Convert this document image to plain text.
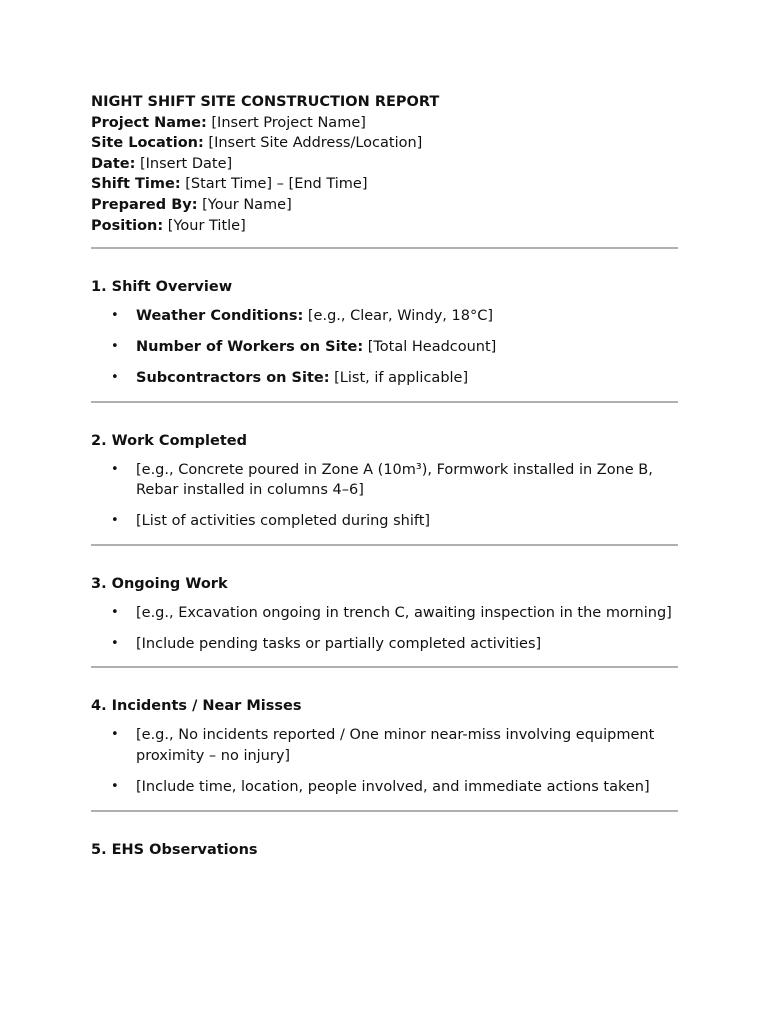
NIGHT SHIFT SITE CONSTRUCTION REPORT
Project Name: [Insert Project Name]
Site Location: [Insert Site Address/Location]
Date: [Insert Date]
Shift Time: [Start Time] – [End Time]
Prepared By: [Your Name]
Position: [Your Title]
1. Shift Overview
• Weather Conditions: [e.g., Clear, Windy, 18°C]
• Number of Workers on Site: [Total Headcount]
• Subcontractors on Site: [List, if applicable]
2. Work Completed
• [e.g., Concrete poured in Zone A (10m³), Formwork installed in Zone B, Rebar installed in columns 4–6]
• [List of activities completed during shift]
3. Ongoing Work
• [e.g., Excavation ongoing in trench C, awaiting inspection in the morning]
• [Include pending tasks or partially completed activities]
4. Incidents / Near Misses
• [e.g., No incidents reported / One minor near-miss involving equipment proximity – no injury]
• [Include time, location, people involved, and immediate actions taken]
5. EHS Observations
